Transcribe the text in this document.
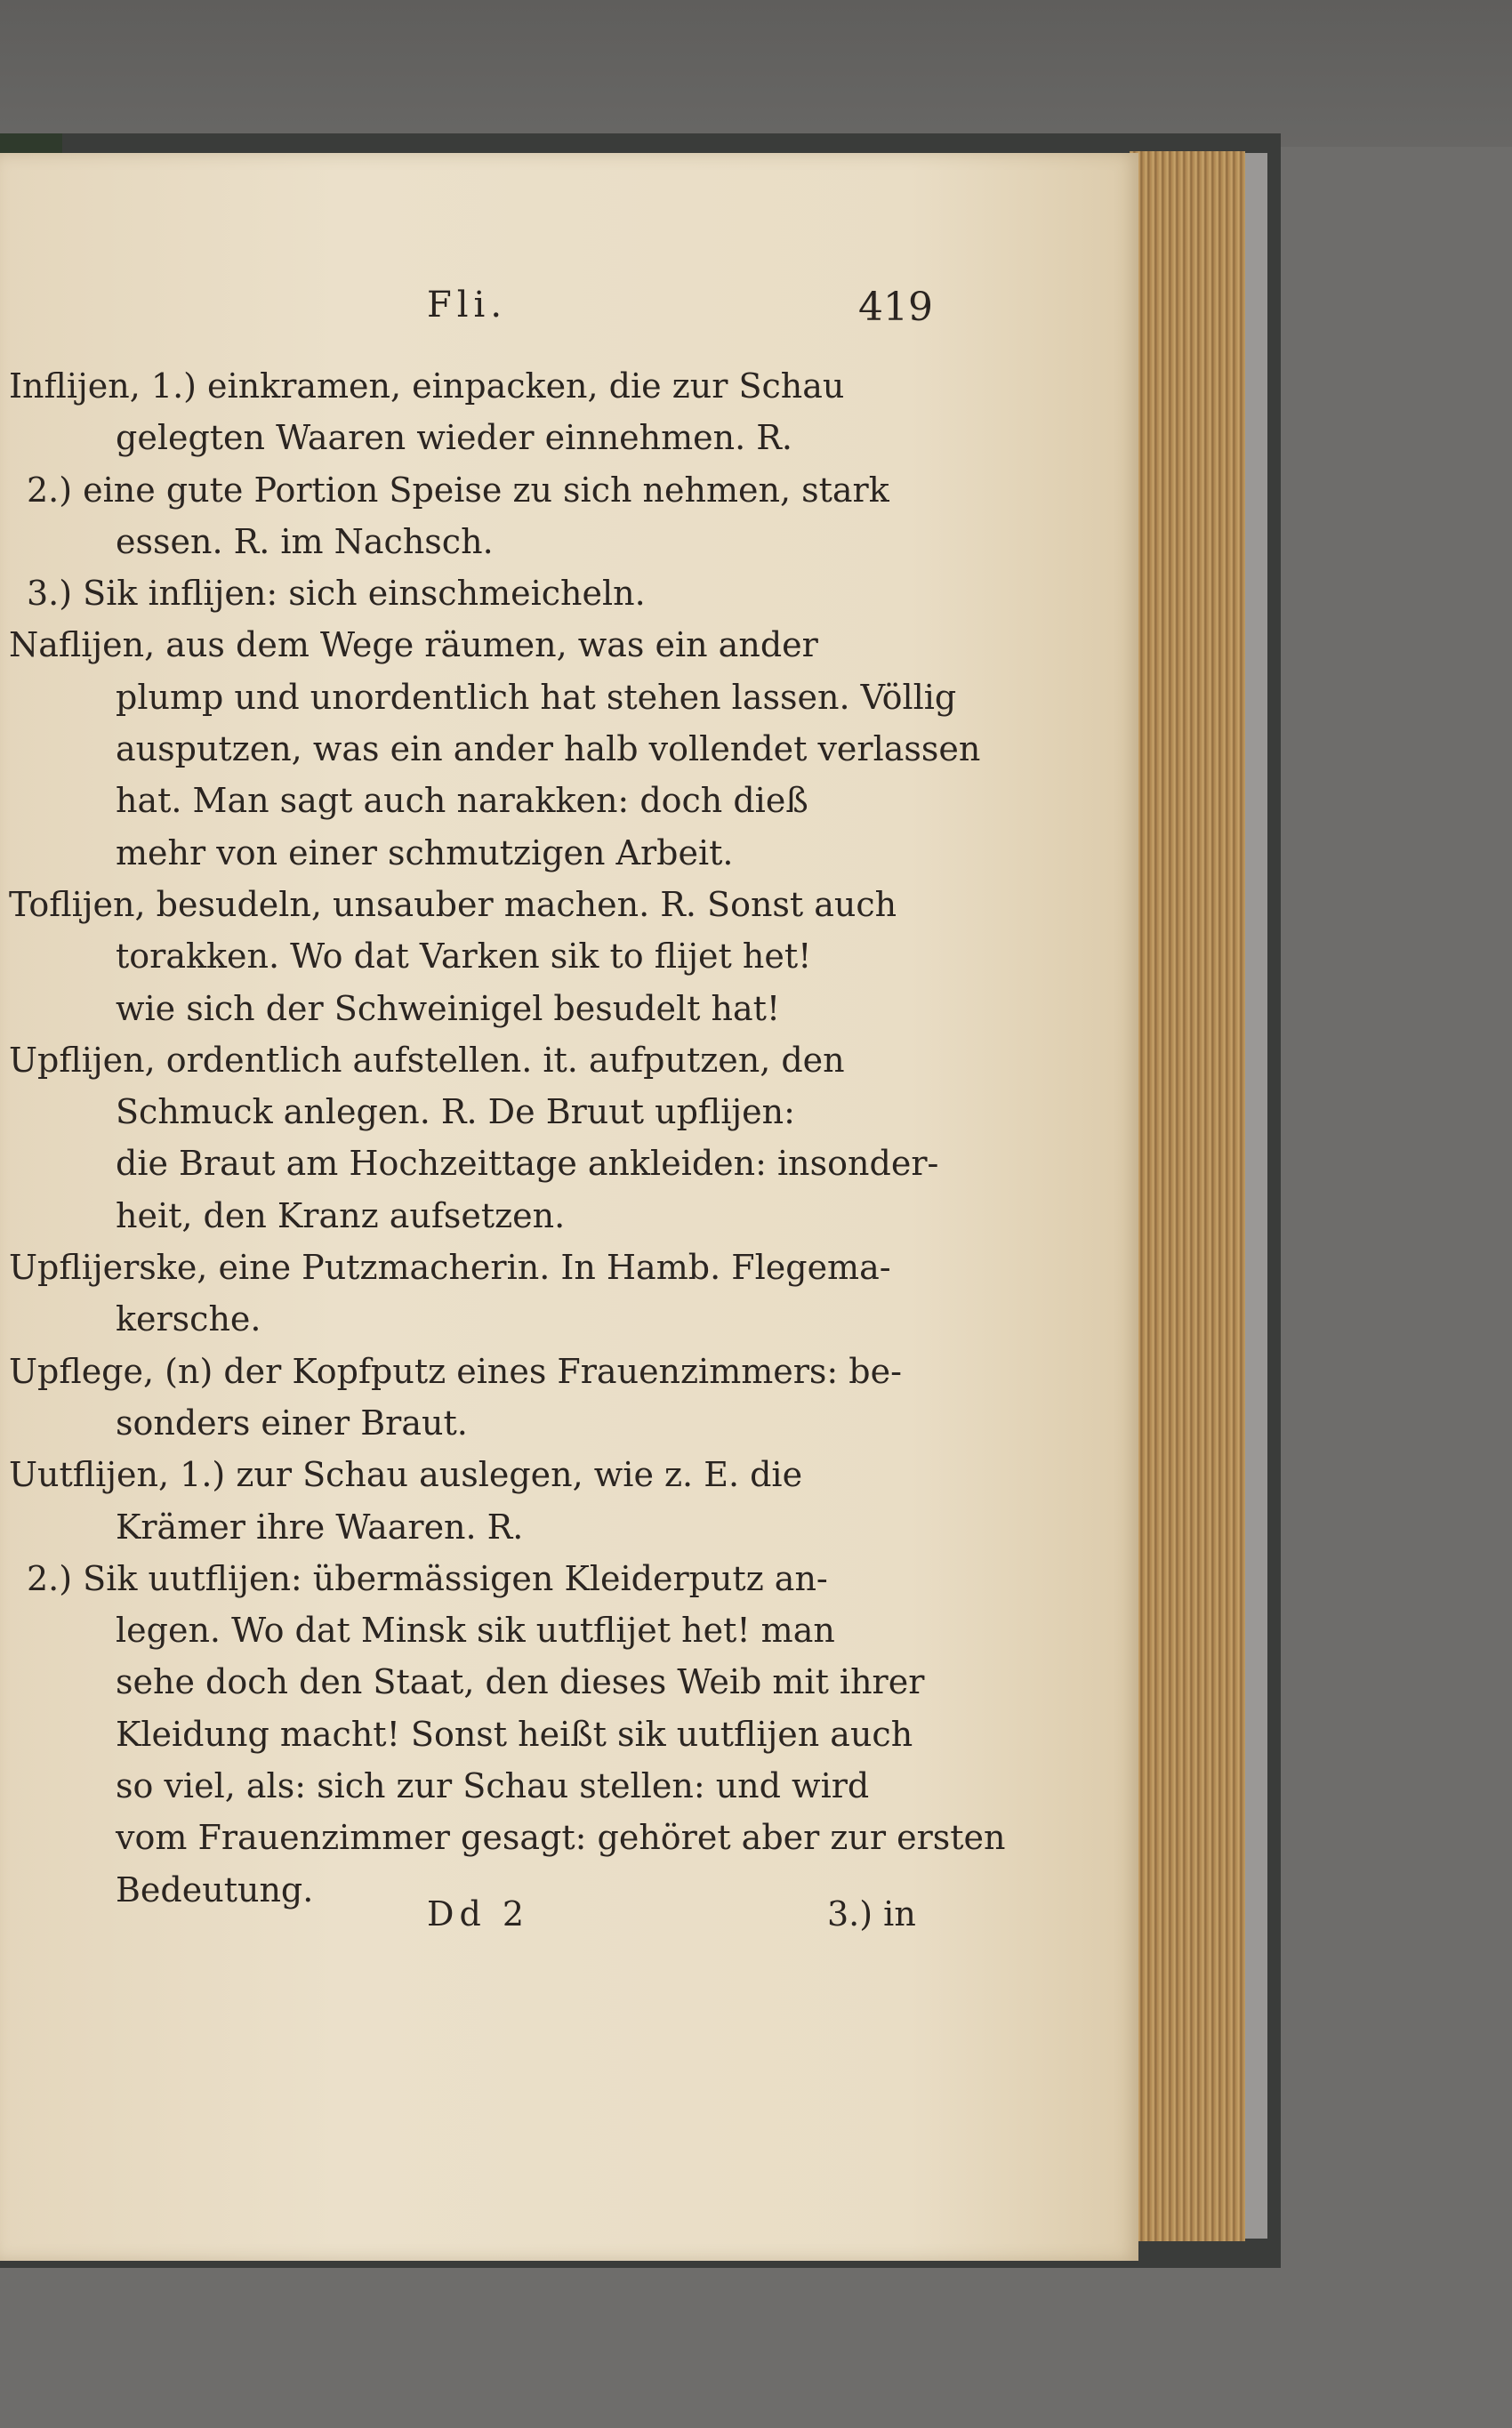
Fli.	419
Inflijen, 1.) einkramen, einpacken, die zur Schau
gelegten Waaren wieder einnehmen. R.
2.) eine gute Portion Speise zu sich nehmen, stark
essen. R. im Nachsch.
3.) Sik inflijen: sich einschmeicheln.
Naflijen, aus dem Wege räumen, was ein ander
plump und unordentlich hat stehen lassen. Völlig
ausputzen, was ein ander halb vollendet verlassen
hat. Man sagt auch narakken: doch dieß
mehr von einer schmutzigen Arbeit.
Toflijen, besudeln, unsauber machen. R. Sonst auch
torakken. Wo dat Varken sik to flijet het!
wie sich der Schweinigel besudelt hat!
Upflijen, ordentlich aufstellen. it. aufputzen, den
Schmuck anlegen. R. De Bruut upflijen:
die Braut am Hochzeittage ankleiden: insonder-
heit, den Kranz aufsetzen.
Upflijerske, eine Putzmacherin. In Hamb. Flegema-
kersche.
Upflege, (n) der Kopfputz eines Frauenzimmers: be-
sonders einer Braut.
Uutflijen, 1.) zur Schau auslegen, wie z. E. die
Krämer ihre Waaren. R.
2.) Sik uutflijen: übermässigen Kleiderputz an-
legen. Wo dat Minsk sik uutflijet het! man
sehe doch den Staat, den dieses Weib mit ihrer
Kleidung macht! Sonst heißt sik uutflijen auch
so viel, als: sich zur Schau stellen: und wird
vom Frauenzimmer gesagt: gehöret aber zur ersten
Bedeutung.
Dd 2	3.) in
